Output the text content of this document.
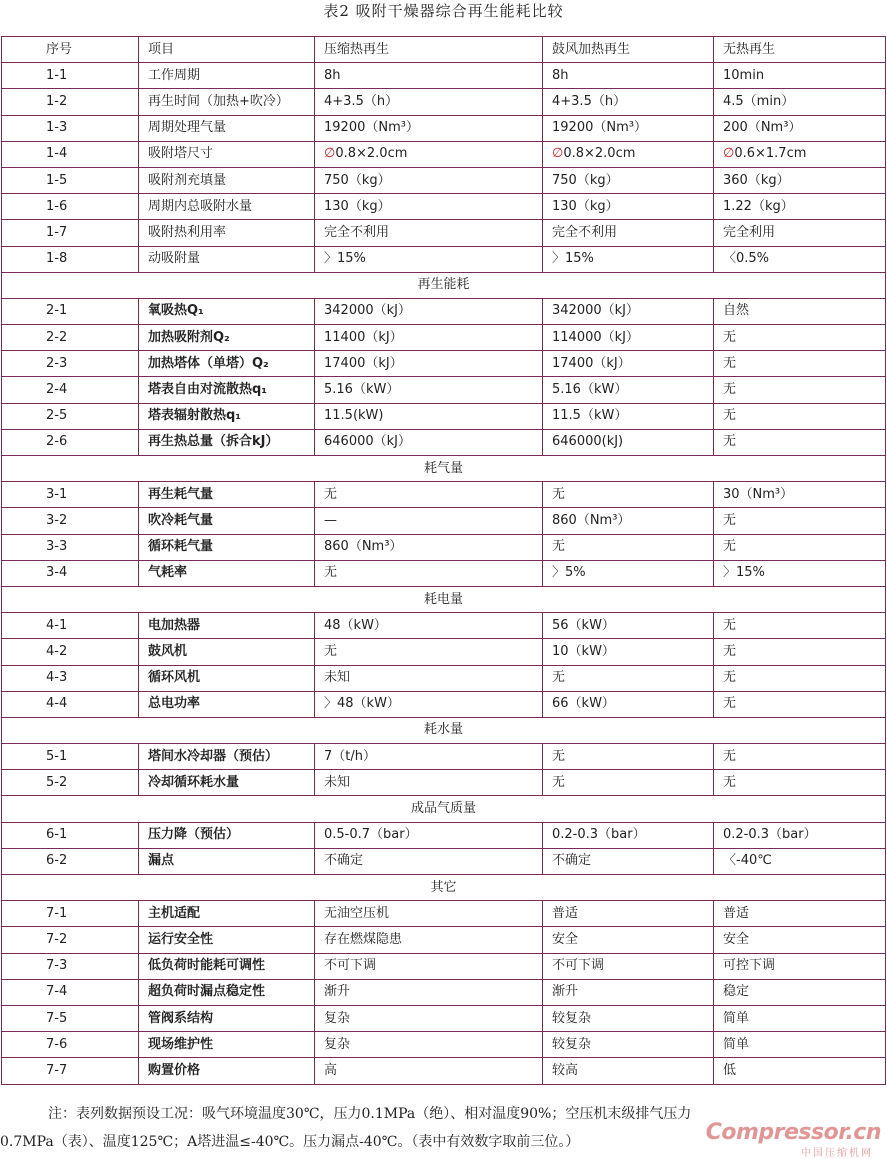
表2 吸附干燥器综合再生能耗比较
序号	项目	压缩热再生	鼓风加热再生	无热再生
1-1	工作周期	8h	8h	10min
1-2	再生时间（加热+吹冷）	4+3.5（h）	4+3.5（h）	4.5（min）
1-3	周期处理气量	19200（Nm³）	19200（Nm³）	200（Nm³）
1-4	吸附塔尺寸	∅0.8×2.0cm	∅0.8×2.0cm	∅0.6×1.7cm
1-5	吸附剂充填量	750（kg）	750（kg）	360（kg）
1-6	周期内总吸附水量	130（kg）	130（kg）	1.22（kg）
1-7	吸附热利用率	完全不利用	完全不利用	完全利用
1-8	动吸附量	〉15%	〉15%	〈0.5%
再生能耗				
2-1	氧吸热Q₁	342000（kJ）	342000（kJ）	自然
2-2	加热吸附剂Q₂	11400（kJ）	114000（kJ）	无
2-3	加热塔体（单塔）Q₂	17400（kJ）	17400（kJ）	无
2-4	塔表自由对流散热q₁	5.16（kW）	5.16（kW）	无
2-5	塔表辐射散热q₁	11.5(kW)	11.5（kW）	无
2-6	再生热总量（拆合kJ）	646000（kJ）	646000(kJ)	无
耗气量				
3-1	再生耗气量	无	无	30（Nm³）
3-2	吹冷耗气量	—	860（Nm³）	无
3-3	循环耗气量	860（Nm³）	无	无
3-4	气耗率	无	〉5%	〉15%
耗电量				
4-1	电加热器	48（kW）	56（kW）	无
4-2	鼓风机	无	10（kW）	无
4-3	循环风机	未知	无	无
4-4	总电功率	〉48（kW）	66（kW）	无
耗水量				
5-1	塔间水冷却器（预估）	7（t/h）	无	无
5-2	冷却循环耗水量	未知	无	无
成品气质量				
6-1	压力降（预估）	0.5-0.7（bar）	0.2-0.3（bar）	0.2-0.3（bar）
6-2	漏点	不确定	不确定	〈-40℃
其它				
7-1	主机适配	无油空压机	普适	普适
7-2	运行安全性	存在燃煤隐患	安全	安全
7-3	低负荷时能耗可调性	不可下调	不可下调	可控下调
7-4	超负荷时漏点稳定性	渐升	渐升	稳定
7-5	管阀系结构	复杂	较复杂	简单
7-6	现场维护性	复杂	较复杂	简单
7-7	购置价格	高	较高	低
注：表列数据预设工况：吸气环境温度30℃，压力0.1MPa（绝）、相对温度90%；空压机末级排气压力
0.7MPa（表）、温度125℃；A塔进温≤-40℃。压力漏点-40℃。（表中有效数字取前三位。）	Compressor.cn
中国压缩机网
